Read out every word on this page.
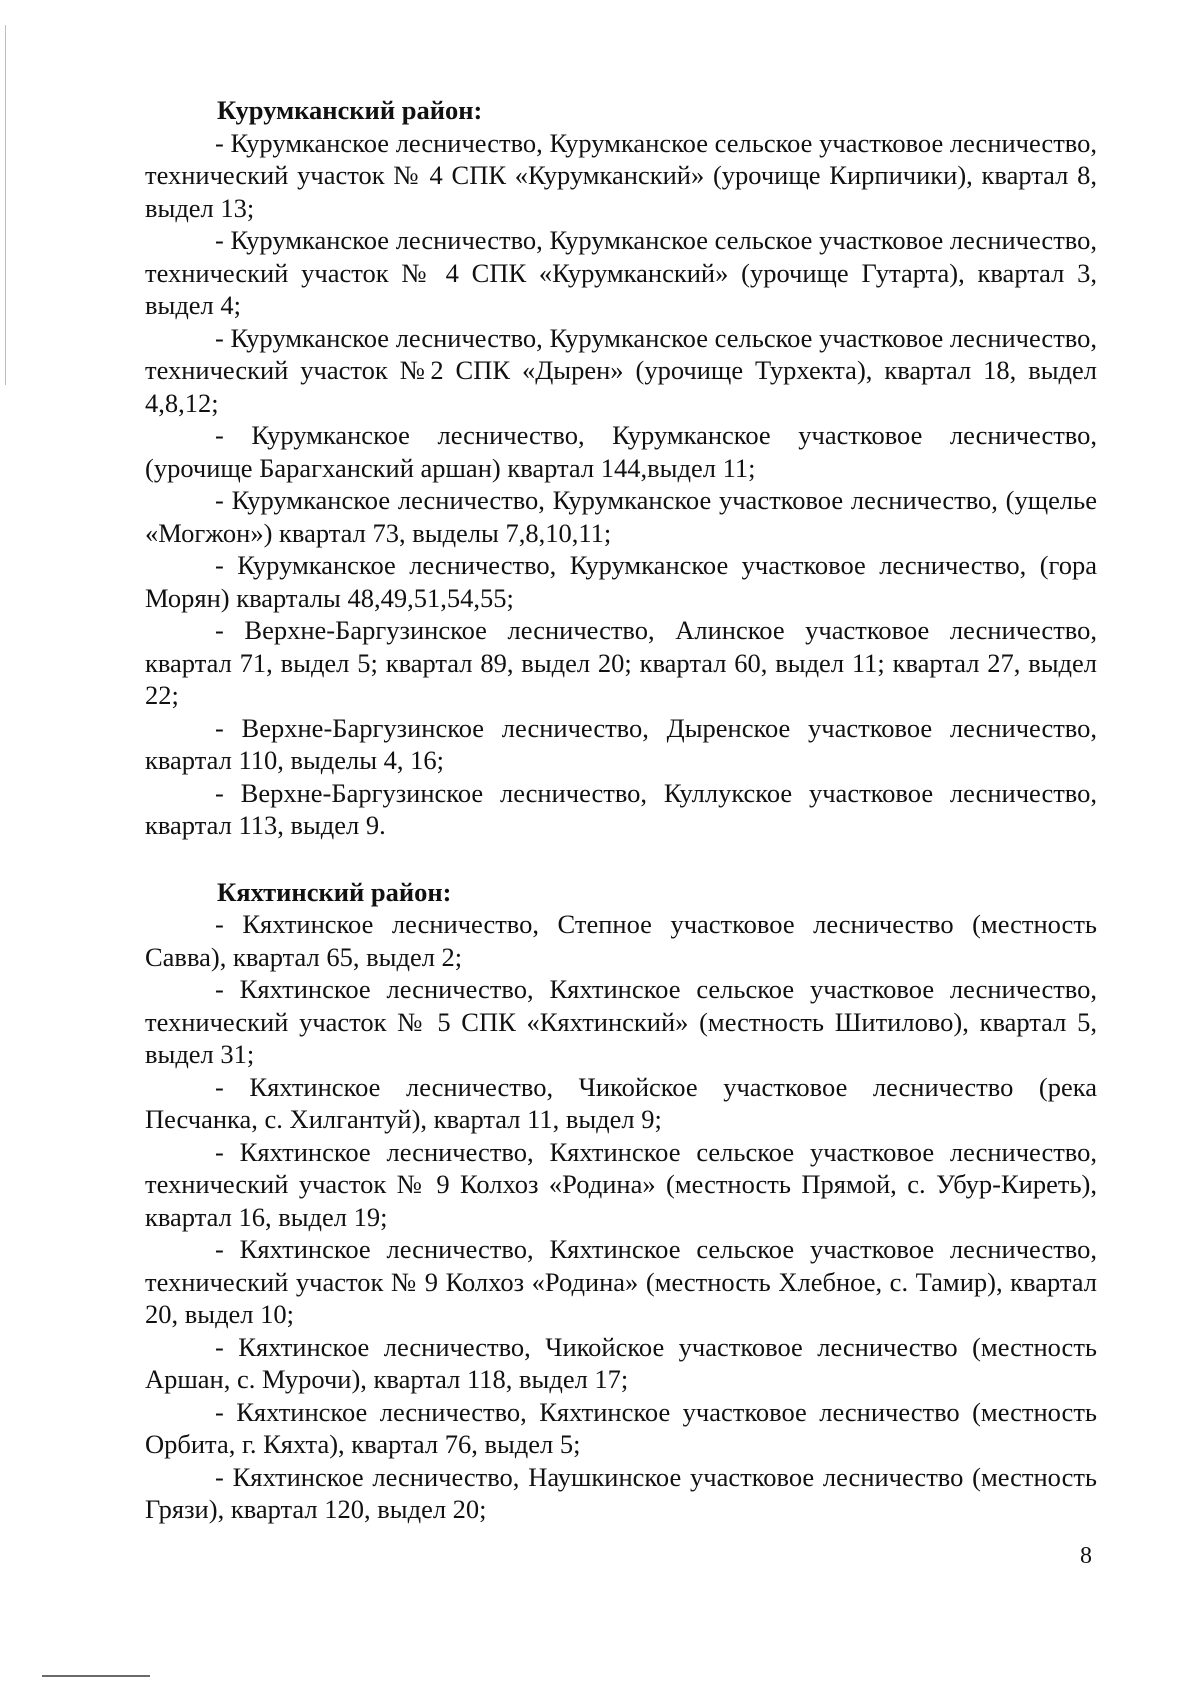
Курумканский район:

- Курумканское лесничество, Курумканское сельское участковое лесничество, технический участок № 4 СПК «Курумканский» (урочище Кирпичики), квартал 8, выдел 13;

- Курумканское лесничество, Курумканское сельское участковое лесничество, технический участок № 4 СПК «Курумканский» (урочище Гутарта), квартал 3, выдел 4;

- Курумканское лесничество, Курумканское сельское участковое лесничество, технический участок №2 СПК «Дырен» (урочище Турхекта), квартал 18, выдел 4,8,12;

- Курумканское лесничество, Курумканское участковое лесничество, (урочище Барагханский аршан) квартал 144,выдел 11;

- Курумканское лесничество, Курумканское участковое лесничество, (ущелье «Могжон») квартал 73, выделы 7,8,10,11;

- Курумканское лесничество, Курумканское участковое лесничество, (гора Морян) кварталы 48,49,51,54,55;

- Верхне-Баргузинское лесничество, Алинское участковое лесничество, квартал 71, выдел 5; квартал 89, выдел 20; квартал 60, выдел 11; квартал 27, выдел 22;

- Верхне-Баргузинское лесничество, Дыренское участковое лесничество, квартал 110, выделы 4, 16;

- Верхне-Баргузинское лесничество, Куллукское участковое лесничество, квартал 113, выдел 9.

Кяхтинский район:

- Кяхтинское лесничество, Степное участковое лесничество (местность Савва), квартал 65, выдел 2;

- Кяхтинское лесничество, Кяхтинское сельское участковое лесничество, технический участок № 5 СПК «Кяхтинский» (местность Шитилово), квартал 5, выдел 31;

- Кяхтинское лесничество, Чикойское участковое лесничество (река Песчанка, с. Хилгантуй), квартал 11, выдел 9;

- Кяхтинское лесничество, Кяхтинское сельское участковое лесничество, технический участок № 9 Колхоз «Родина» (местность Прямой, с. Убур-Киреть), квартал 16, выдел 19;

- Кяхтинское лесничество, Кяхтинское сельское участковое лесничество, технический участок № 9 Колхоз «Родина» (местность Хлебное, с. Тамир), квартал 20, выдел 10;

- Кяхтинское лесничество, Чикойское участковое лесничество (местность Аршан, с. Мурочи), квартал 118, выдел 17;

- Кяхтинское лесничество, Кяхтинское участковое лесничество (местность Орбита, г. Кяхта), квартал 76, выдел 5;

- Кяхтинское лесничество, Наушкинское участковое лесничество (местность Грязи), квартал 120, выдел 20;

8
